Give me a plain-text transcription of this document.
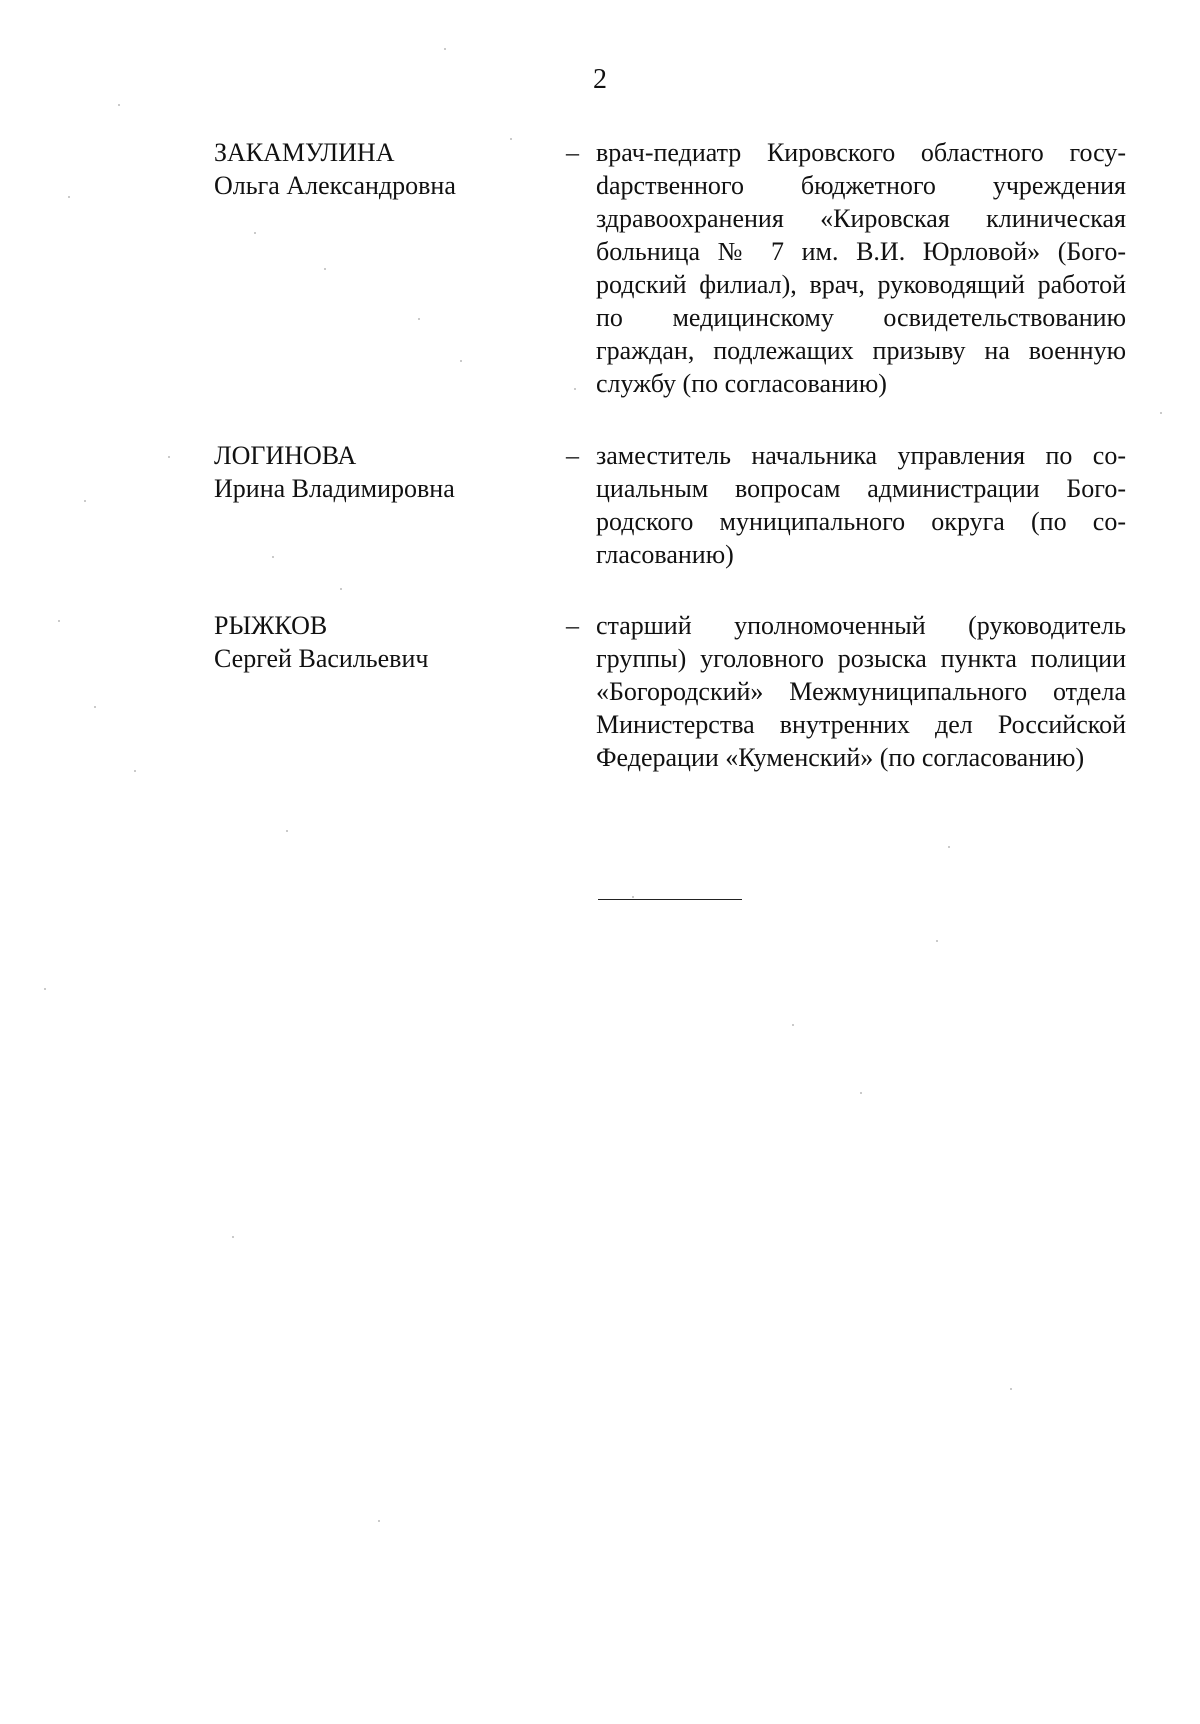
2
ЗАКАМУЛИНА
Ольга Александровна
– врач-педиатр Кировского областного госуdарственного бюджетного учреждения здравоохранения «Кировская клиническая больница № 7 им. В.И. Юрловой» (Богородский филиал), врач, руководящий работой по медицинскому освидетельствованию граждан, подлежащих призыву на военную службу (по согласованию)
ЛОГИНОВА
Ирина Владимировна
– заместитель начальника управления по социальным вопросам администрации Богородского муниципального округа (по согласованию)
РЫЖКОВ
Сергей Васильевич
– старший уполномоченный (руководитель группы) уголовного розыска пункта полиции «Богородский» Межмуниципального отдела Министерства внутренних дел Российской Федерации «Куменский» (по согласованию)
